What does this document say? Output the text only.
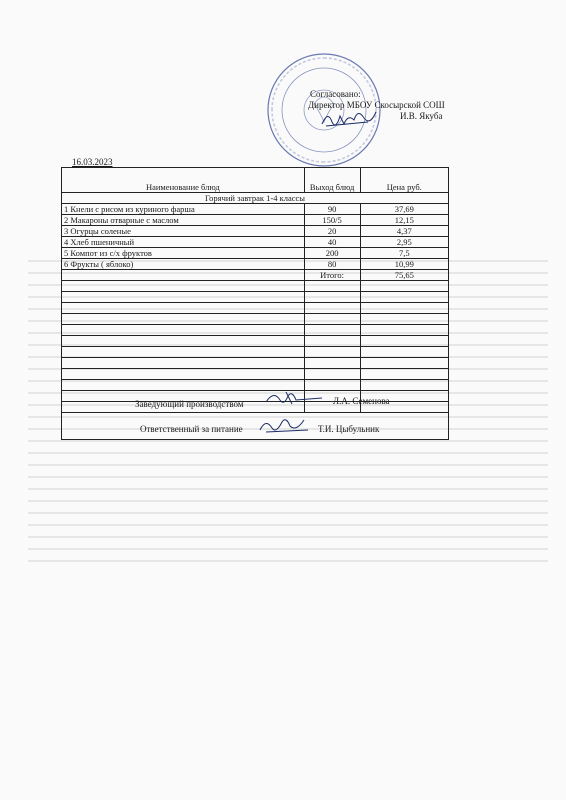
Согласовано:
Директор МБОУ Скосырской СОШ
И.В. Якуба
16.03.2023
Наименование блюд	Выход блюд	Цена руб.
Горячий завтрак 1-4 классы		
1 Кнели с рисом из куриного фарша	90	37,69
2 Макароны отварные с маслом	150/5	12,15
3 Огурцы соленые	20	4,37
4 Хлеб пшеничный	40	2,95
5 Компот из с/х фруктов	200	7,5
6 Фрукты ( яблоко)	80	10,99
	Итого:	75,65

Заведующий производством	Л.А. Семенова
Ответственный за питание	Т.И. Цыбульник
